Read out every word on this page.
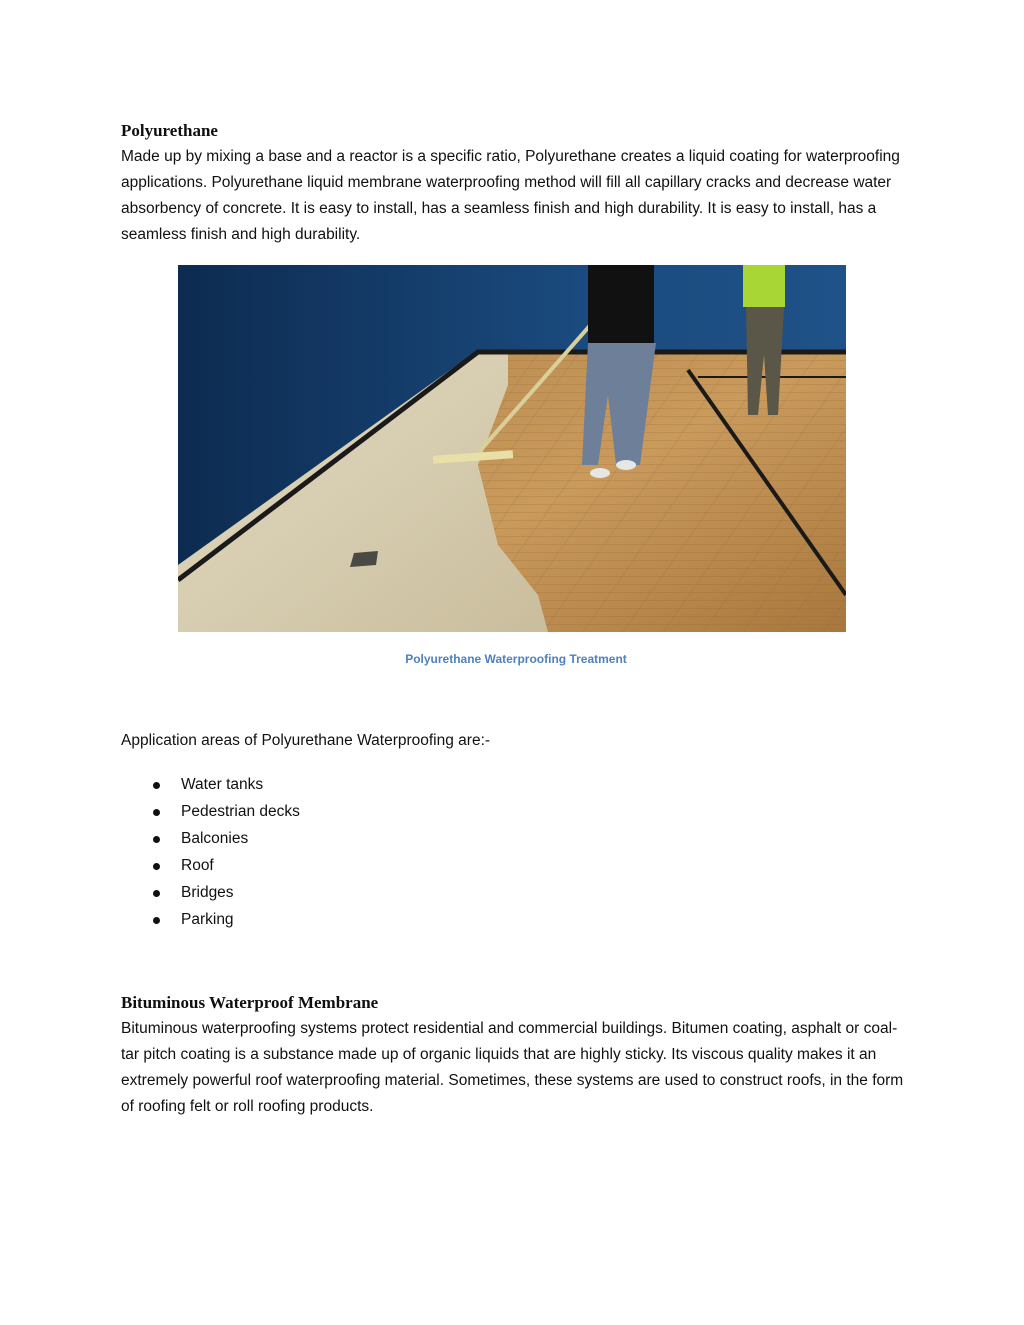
Polyurethane

Made up by mixing a base and a reactor is a specific ratio, Polyurethane creates a liquid coating for waterproofing applications. Polyurethane liquid membrane waterproofing method will fill all capillary cracks and decrease water absorbency of concrete. It is easy to install, has a seamless finish and high durability. It is easy to install, has a seamless finish and high durability.

Polyurethane Waterproofing Treatment
Application areas of Polyurethane Waterproofing are:-
Water tanks
Pedestrian decks
Balconies
Roof
Bridges
Parking
Bituminous Waterproof Membrane

Bituminous waterproofing systems protect residential and commercial buildings. Bitumen coating, asphalt or coal-tar pitch coating is a substance made up of organic liquids that are highly sticky. Its viscous quality makes it an extremely powerful roof waterproofing material. Sometimes, these systems are used to construct roofs, in the form of roofing felt or roll roofing products.
